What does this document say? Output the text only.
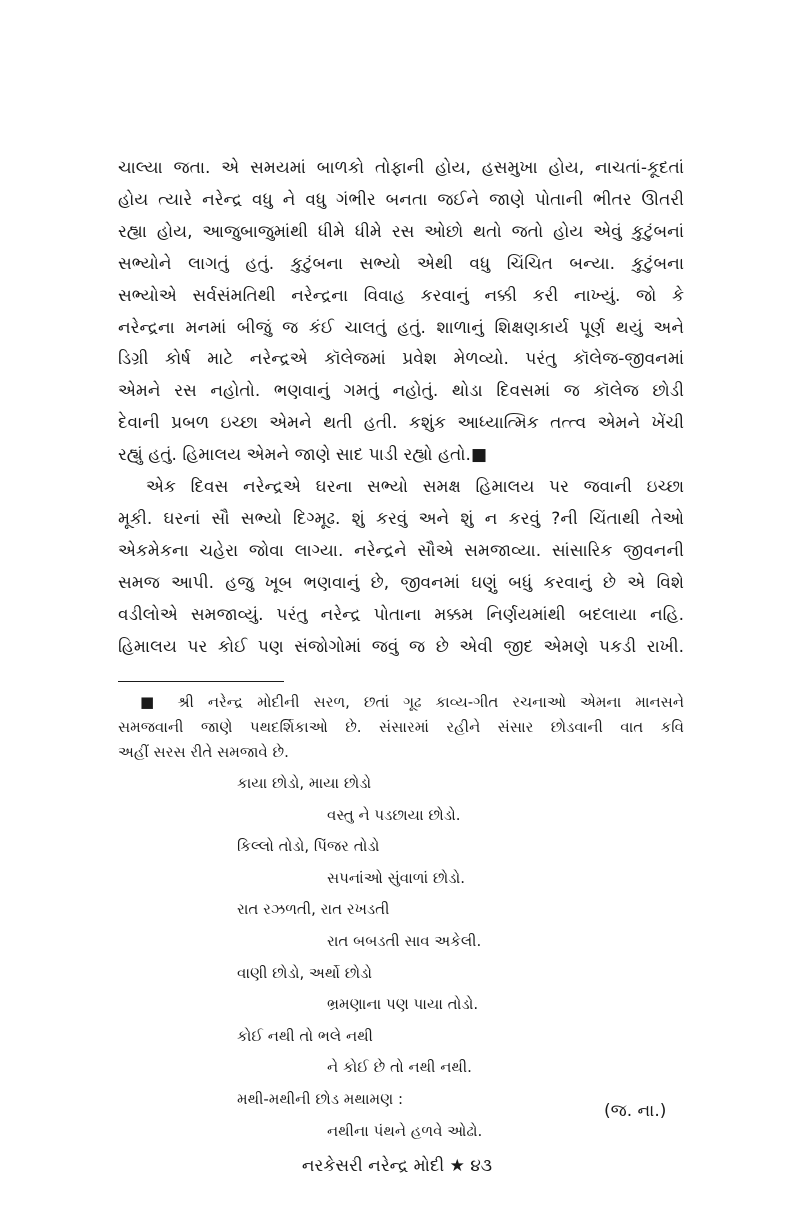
ચાલ્યા જતા. એ સમયમાં બાળકો તોફાની હોય, હસમુખા હોય, નાચતાં-કૂદતાં
હોય ત્યારે નરેન્દ્ર વધુ ને વધુ ગંભીર બનતા જઈને જાણે પોતાની ભીતર ઊતરી
રહ્યા હોય, આજુબાજુમાંથી ધીમે ધીમે રસ ઓછો થતો જતો હોય એવું કુટુંબનાં
સભ્યોને લાગતું હતું. કુટુંબના સભ્યો એથી વધુ ચિંચિત બન્યા. કુટુંબના
સભ્યોએ સર્વસંમતિથી નરેન્દ્રના વિવાહ કરવાનું નક્કી કરી નાખ્યું. જો કે
નરેન્દ્રના મનમાં બીજું જ કંઈ ચાલતું હતું. શાળાનું શિક્ષણકાર્ય પૂર્ણ થયું અને
ડિગ્રી કોર્ષ માટે નરેન્દ્રએ કૉલેજમાં પ્રવેશ મેળવ્યો. પરંતુ કૉલેજ-જીવનમાં
એમને રસ નહોતો. ભણવાનું ગમતું નહોતું. થોડા દિવસમાં જ કૉલેજ છોડી
દેવાની પ્રબળ ઇચ્છા એમને થતી હતી. કશુંક આધ્યાત્મિક તત્ત્વ એમને ખેંચી
રહ્યું હતું. હિમાલય એમને જાણે સાદ પાડી રહ્યો હતો.■
એક દિવસ નરેન્દ્રએ ઘરના સભ્યો સમક્ષ હિમાલય પર જવાની ઇચ્છા
મૂકી. ઘરનાં સૌ સભ્યો દિગ્મૂઢ. શું કરવું અને શું ન કરવું ?ની ચિંતાથી તેઓ
એકમેકના ચહેરા જોવા લાગ્યા. નરેન્દ્રને સૌએ સમજાવ્યા. સાંસારિક જીવનની
સમજ આપી. હજુ ખૂબ ભણવાનું છે, જીવનમાં ઘણું બધું કરવાનું છે એ વિશે
વડીલોએ સમજાવ્યું. પરંતુ નરેન્દ્ર પોતાના મક્કમ નિર્ણયમાંથી બદલાયા નહિ.
હિમાલય પર કોઈ પણ સંજોગોમાં જવું જ છે એવી જીદ એમણે પકડી રાખી.
■ શ્રી નરેન્દ્ર મોદીની સરળ, છતાં ગૂઢ કાવ્ય-ગીત રચનાઓ એમના માનસને
સમજવાની જાણે પથદર્શિકાઓ છે. સંસારમાં રહીને સંસાર છોડવાની વાત કવિ
અહીં સરસ રીતે સમજાવે છે.
કાયા છોડો, માયા છોડો
વસ્તુ ને પડછાયા છોડો.
કિલ્લો તોડો, પિંજર તોડો
સપનાંઓ સુંવાળાં છોડો.
રાત રઝળતી, રાત રખડતી
રાત બબડતી સાવ અકેલી.
વાણી છોડો, અર્થો છોડો
ભ્રમણાના પણ પાયા તોડો.
કોઈ નથી તો ભલે નથી
ને કોઈ છે તો નથી નથી.
મથી-મથીની છોડ મથામણ :
નથીના પંથને હળવે ઓઢો.
(જ. ના.)
નરકેસરી નરેન્દ્ર મોદી ★ ૪૩
